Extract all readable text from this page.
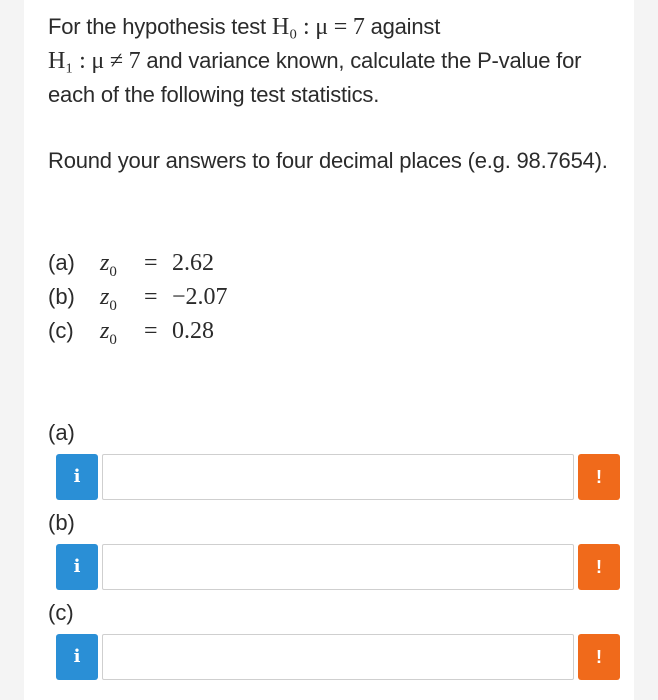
For the hypothesis test H₀ : μ = 7 against
H₁ : μ ≠ 7 and variance known, calculate the P-value for each of the following test statistics.
Round your answers to four decimal places (e.g. 98.7654).
(a) $z_0 = 2.62$
(b) $z_0 = -2.07$
(c) $z_0 = 0.28$
(a)
i	!
(b)
i	!
(c)
i	!
